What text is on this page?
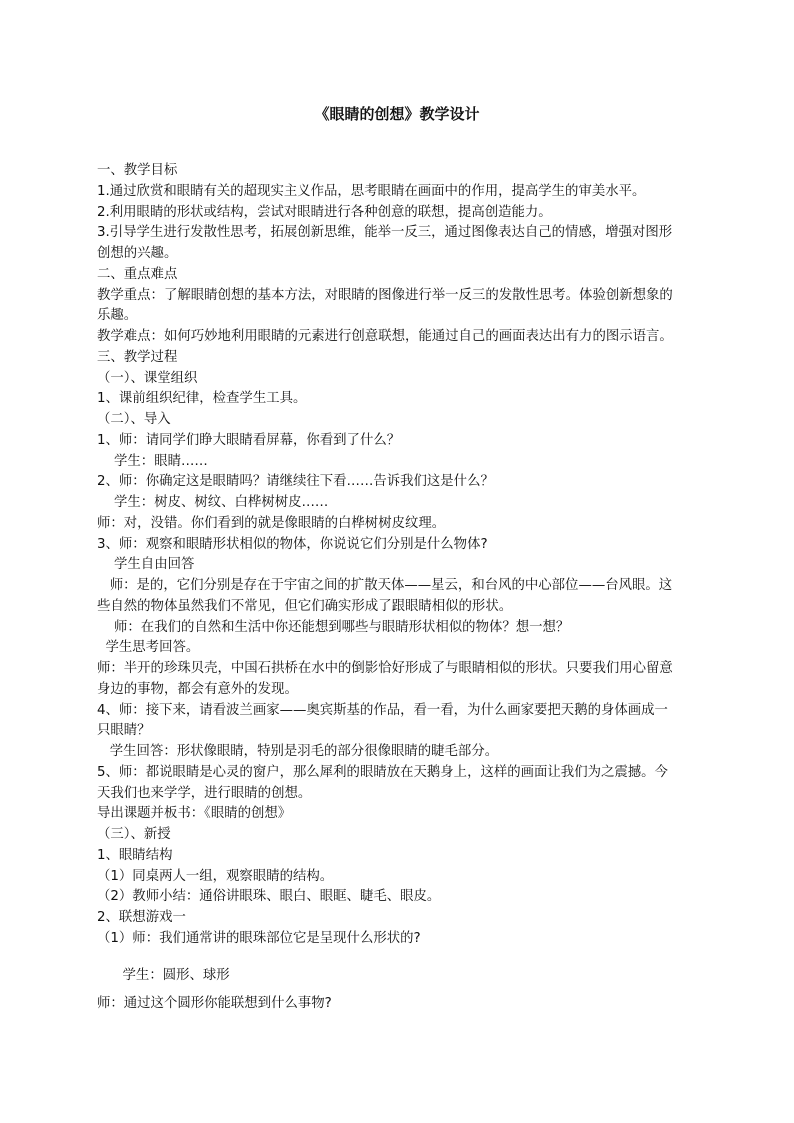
《眼睛的创想》教学设计
一、教学目标
1.通过欣赏和眼睛有关的超现实主义作品，思考眼睛在画面中的作用，提高学生的审美水平。
2.利用眼睛的形状或结构，尝试对眼睛进行各种创意的联想，提高创造能力。
3.引导学生进行发散性思考，拓展创新思维，能举一反三，通过图像表达自己的情感，增强对图形
创想的兴趣。
二、重点难点
教学重点：了解眼睛创想的基本方法，对眼睛的图像进行举一反三的发散性思考。体验创新想象的
乐趣。
教学难点：如何巧妙地利用眼睛的元素进行创意联想，能通过自己的画面表达出有力的图示语言。
三、教学过程
（一）、课堂组织
1、课前组织纪律，检查学生工具。
（二）、导入
1、师：请同学们睁大眼睛看屏幕，你看到了什么？
学生：眼睛……
2、师：你确定这是眼睛吗？请继续往下看……告诉我们这是什么？
学生：树皮、树纹、白桦树树皮……
师：对，没错。你们看到的就是像眼睛的白桦树树皮纹理。
3、师：观察和眼睛形状相似的物体，你说说它们分别是什么物体?
学生自由回答
师：是的，它们分别是存在于宇宙之间的扩散天体——星云，和台风的中心部位——台风眼。这
些自然的物体虽然我们不常见，但它们确实形成了跟眼睛相似的形状。
师：在我们的自然和生活中你还能想到哪些与眼睛形状相似的物体？想一想？
学生思考回答。
师：半开的珍珠贝壳，中国石拱桥在水中的倒影恰好形成了与眼睛相似的形状。只要我们用心留意
身边的事物，都会有意外的发现。
4、师：接下来，请看波兰画家——奥宾斯基的作品，看一看，为什么画家要把天鹅的身体画成一
只眼睛？
学生回答：形状像眼睛，特别是羽毛的部分很像眼睛的睫毛部分。
5、师：都说眼睛是心灵的窗户，那么犀利的眼睛放在天鹅身上，这样的画面让我们为之震撼。今
天我们也来学学，进行眼睛的创想。
导出课题并板书：《眼睛的创想》
（三）、新授
1、眼睛结构
（1）同桌两人一组，观察眼睛的结构。
（2）教师小结：通俗讲眼珠、眼白、眼眶、睫毛、眼皮。
2、联想游戏一
（1）师：我们通常讲的眼珠部位它是呈现什么形状的?
学生：圆形、球形
师：通过这个圆形你能联想到什么事物?
